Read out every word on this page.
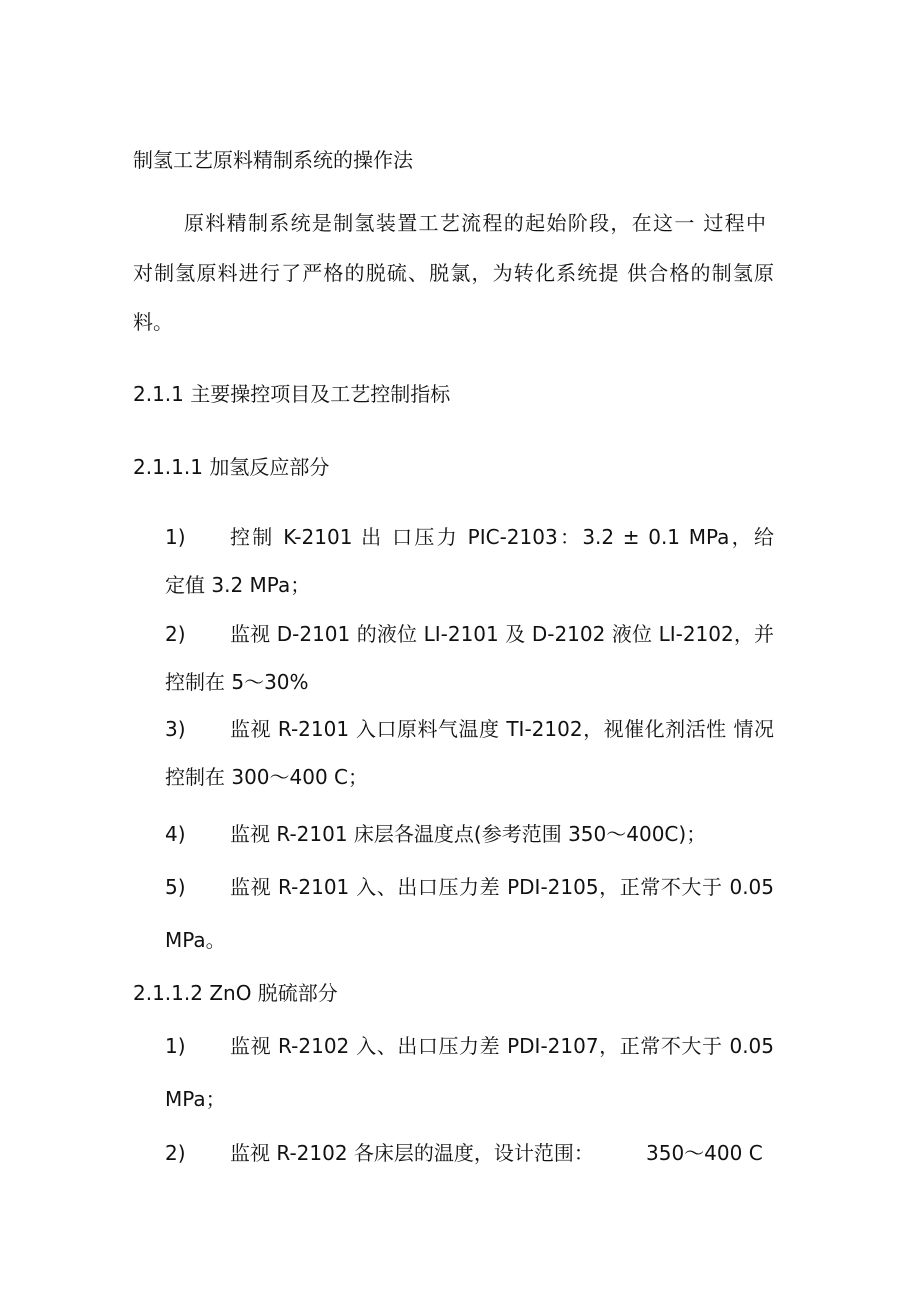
制氢工艺原料精制系统的操作法
原料精制系统是制氢装置工艺流程的起始阶段，在这一 过程中
对制氢原料进行了严格的脱硫、脱氯，为转化系统提 供合格的制氢原
料。
2.1.1 主要操控项目及工艺控制指标
2.1.1.1 加氢反应部分
1) 控制 K-2101 出 口压力 PIC-2103：3.2 ± 0.1 MPa，给
定值 3.2 MPa；
2) 监视 D-2101 的液位 LI-2101 及 D-2102 液位 LI-2102，并
控制在 5～30%
3) 监视 R-2101 入口原料气温度 TI-2102，视催化剂活性 情况
控制在 300～400 C；
4) 监视 R-2101 床层各温度点(参考范围 350～400C)；
5) 监视 R-2101 入、出口压力差 PDI-2105，正常不大于 0.05
MPa。
2.1.1.2 ZnO 脱硫部分
1) 监视 R-2102 入、出口压力差 PDI-2107，正常不大于 0.05
MPa；
2) 监视 R-2102 各床层的温度，设计范围：	350～400 C
